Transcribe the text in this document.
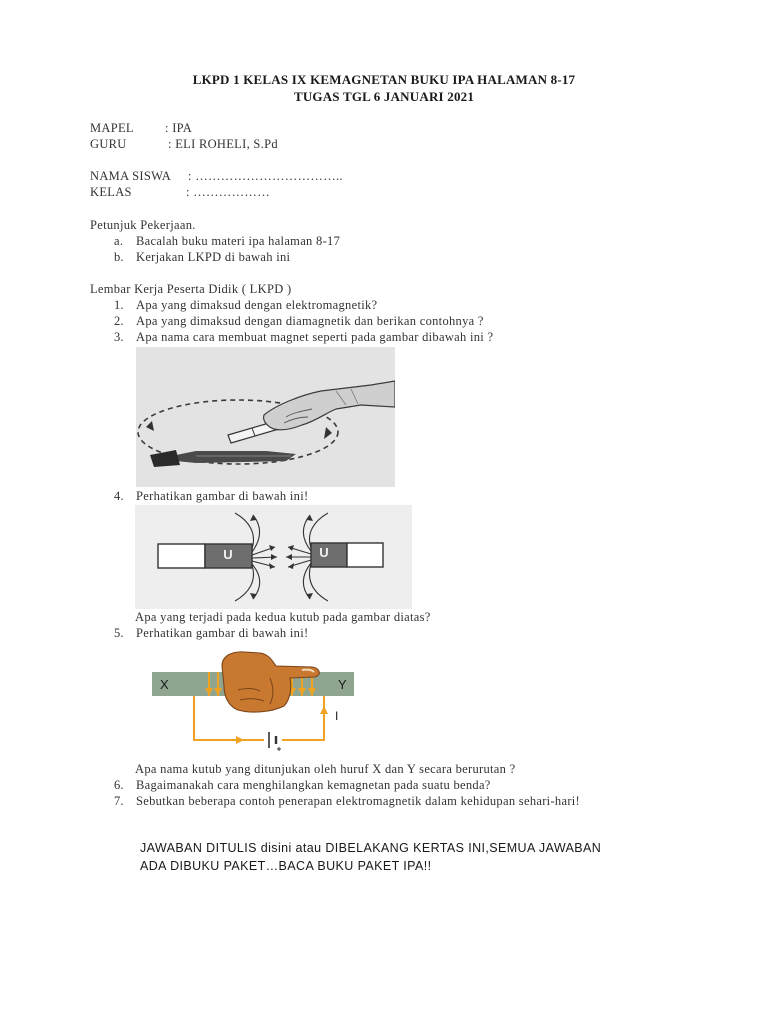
LKPD 1 KELAS IX KEMAGNETAN BUKU IPA HALAMAN 8-17
TUGAS TGL 6 JANUARI 2021
MAPEL : IPA
GURU	: ELI ROHELI, S.Pd
NAMA SISWA : ……………………………..
KELAS	: ………………
Petunjuk Pekerjaan.
a. Bacalah buku materi ipa halaman 8-17
b. Kerjakan LKPD di bawah ini
Lembar Kerja Peserta Didik ( LKPD )
1. Apa yang dimaksud dengan elektromagnetik?
2. Apa yang dimaksud dengan diamagnetik dan berikan contohnya ?
3. Apa nama cara membuat magnet seperti pada gambar dibawah ini ?
4. Perhatikan gambar di bawah ini!
U	U
Apa yang terjadi pada kedua kutub pada gambar diatas?
5. Perhatikan gambar di bawah ini!
X	Y
I
Apa nama kutub yang ditunjukan oleh huruf X dan Y secara berurutan ?
6. Bagaimanakah cara menghilangkan kemagnetan pada suatu benda?
7. Sebutkan beberapa contoh penerapan elektromagnetik dalam kehidupan sehari-hari!
JAWABAN DITULIS disini atau DIBELAKANG KERTAS INI,SEMUA JAWABAN
ADA DIBUKU PAKET…BACA BUKU PAKET IPA!!
